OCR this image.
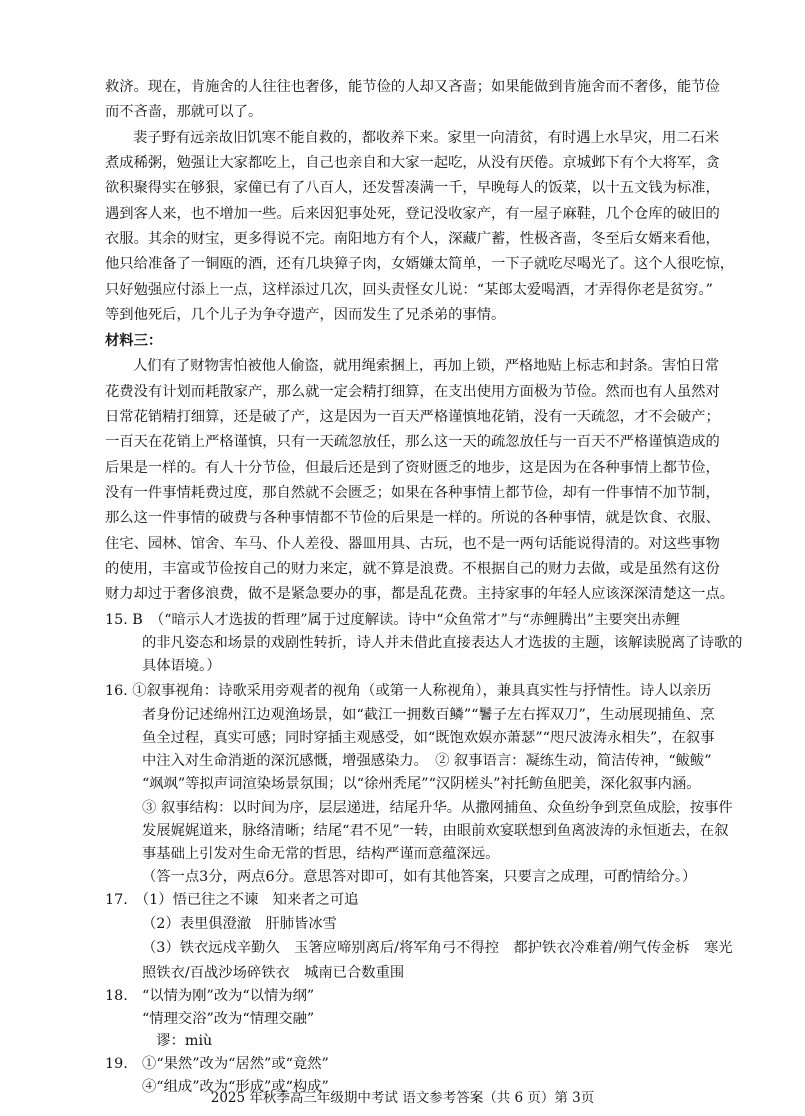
救济。现在，肯施舍的人往往也奢侈，能节俭的人却又吝啬；如果能做到肯施舍而不奢侈，能节俭
而不吝啬，那就可以了。
裴子野有远亲故旧饥寒不能自救的，都收养下来。家里一向清贫，有时遇上水旱灾，用二石米
煮成稀粥，勉强让大家都吃上，自己也亲自和大家一起吃，从没有厌倦。京城邺下有个大将军，贪
欲积聚得实在够狠，家僮已有了八百人，还发誓凑满一千，早晚每人的饭菜，以十五文钱为标准，
遇到客人来，也不增加一些。后来因犯事处死，登记没收家产，有一屋子麻鞋，几个仓库的破旧的
衣服。其余的财宝，更多得说不完。南阳地方有个人，深藏广蓄，性极吝啬，冬至后女婿来看他，
他只给准备了一铜瓯的酒，还有几块獐子肉，女婿嫌太简单，一下子就吃尽喝光了。这个人很吃惊，
只好勉强应付添上一点，这样添过几次，回头责怪女儿说：“某郎太爱喝酒，才弄得你老是贫穷。”
等到他死后，几个儿子为争夺遗产，因而发生了兄杀弟的事情。
材料三：
人们有了财物害怕被他人偷盗，就用绳索捆上，再加上锁，严格地贴上标志和封条。害怕日常
花费没有计划而耗散家产，那么就一定会精打细算，在支出使用方面极为节俭。然而也有人虽然对
日常花销精打细算，还是破了产，这是因为一百天严格谨慎地花销，没有一天疏忽，才不会破产；
一百天在花销上严格谨慎，只有一天疏忽放任，那么这一天的疏忽放任与一百天不严格谨慎造成的
后果是一样的。有人十分节俭，但最后还是到了资财匮乏的地步，这是因为在各种事情上都节俭，
没有一件事情耗费过度，那自然就不会匮乏；如果在各种事情上都节俭，却有一件事情不加节制，
那么这一件事情的破费与各种事情都不节俭的后果是一样的。所说的各种事情，就是饮食、衣服、
住宅、园林、馆舍、车马、仆人差役、器皿用具、古玩，也不是一两句话能说得清的。对这些事物
的使用，丰富或节俭按自己的财力来定，就不算是浪费。不根据自己的财力去做，或是虽然有这份
财力却过于奢侈浪费，做不是紧急要办的事，都是乱花费。主持家事的年轻人应该深深清楚这一点。
15. B　（“暗示人才选拔的哲理”属于过度解读。诗中“众鱼常才”与“赤鲤腾出”主要突出赤鲤
的非凡姿态和场景的戏剧性转折，诗人并未借此直接表达人才选拔的主题，该解读脱离了诗歌的
具体语境。）
16. ①叙事视角：诗歌采用旁观者的视角（或第一人称视角），兼具真实性与抒情性。诗人以亲历
者身份记述绵州江边观渔场景，如“截江一拥数百鳞”“鬐子左右挥双刀”，生动展现捕鱼、烹
鱼全过程，真实可感；同时穿插主观感受，如“既饱欢娱亦萧瑟”“咫尺波涛永相失”，在叙事
中注入对生命消逝的深沉感慨，增强感染力。　② 叙事语言：凝练生动，简洁传神，“鲅鲅”
“飒飒”等拟声词渲染场景氛围；以“徐州秃尾”“汉阴槎头”衬托鲂鱼肥美，深化叙事内涵。
③ 叙事结构：以时间为序，层层递进，结尾升华。从撒网捕鱼、众鱼纷争到烹鱼成脍，按事件
发展娓娓道来，脉络清晰；结尾“君不见”一转，由眼前欢宴联想到鱼离波涛的永恒逝去，在叙
事基础上引发对生命无常的哲思，结构严谨而意蕴深远。
（答一点3分，两点6分。意思答对即可，如有其他答案，只要言之成理，可酌情给分。）
17.　（1）悟已往之不谏　知来者之可追
（2）表里俱澄澈　肝肺皆冰雪
（3）铁衣远戍辛勤久　玉箸应啼别离后/将军角弓不得控　都护铁衣冷难着/朔气传金柝　寒光
照铁衣/百战沙场碎铁衣　城南已合数重围
18.　“以情为刚”改为“以情为纲”
“情理交浴”改为“情理交融”
　谬：miù
19.　①“果然”改为“居然”或“竟然”
④“组成”改为“形成”或“构成”
2025 年秋季高三年级期中考试 语文参考答案（共 6 页）第 3页
